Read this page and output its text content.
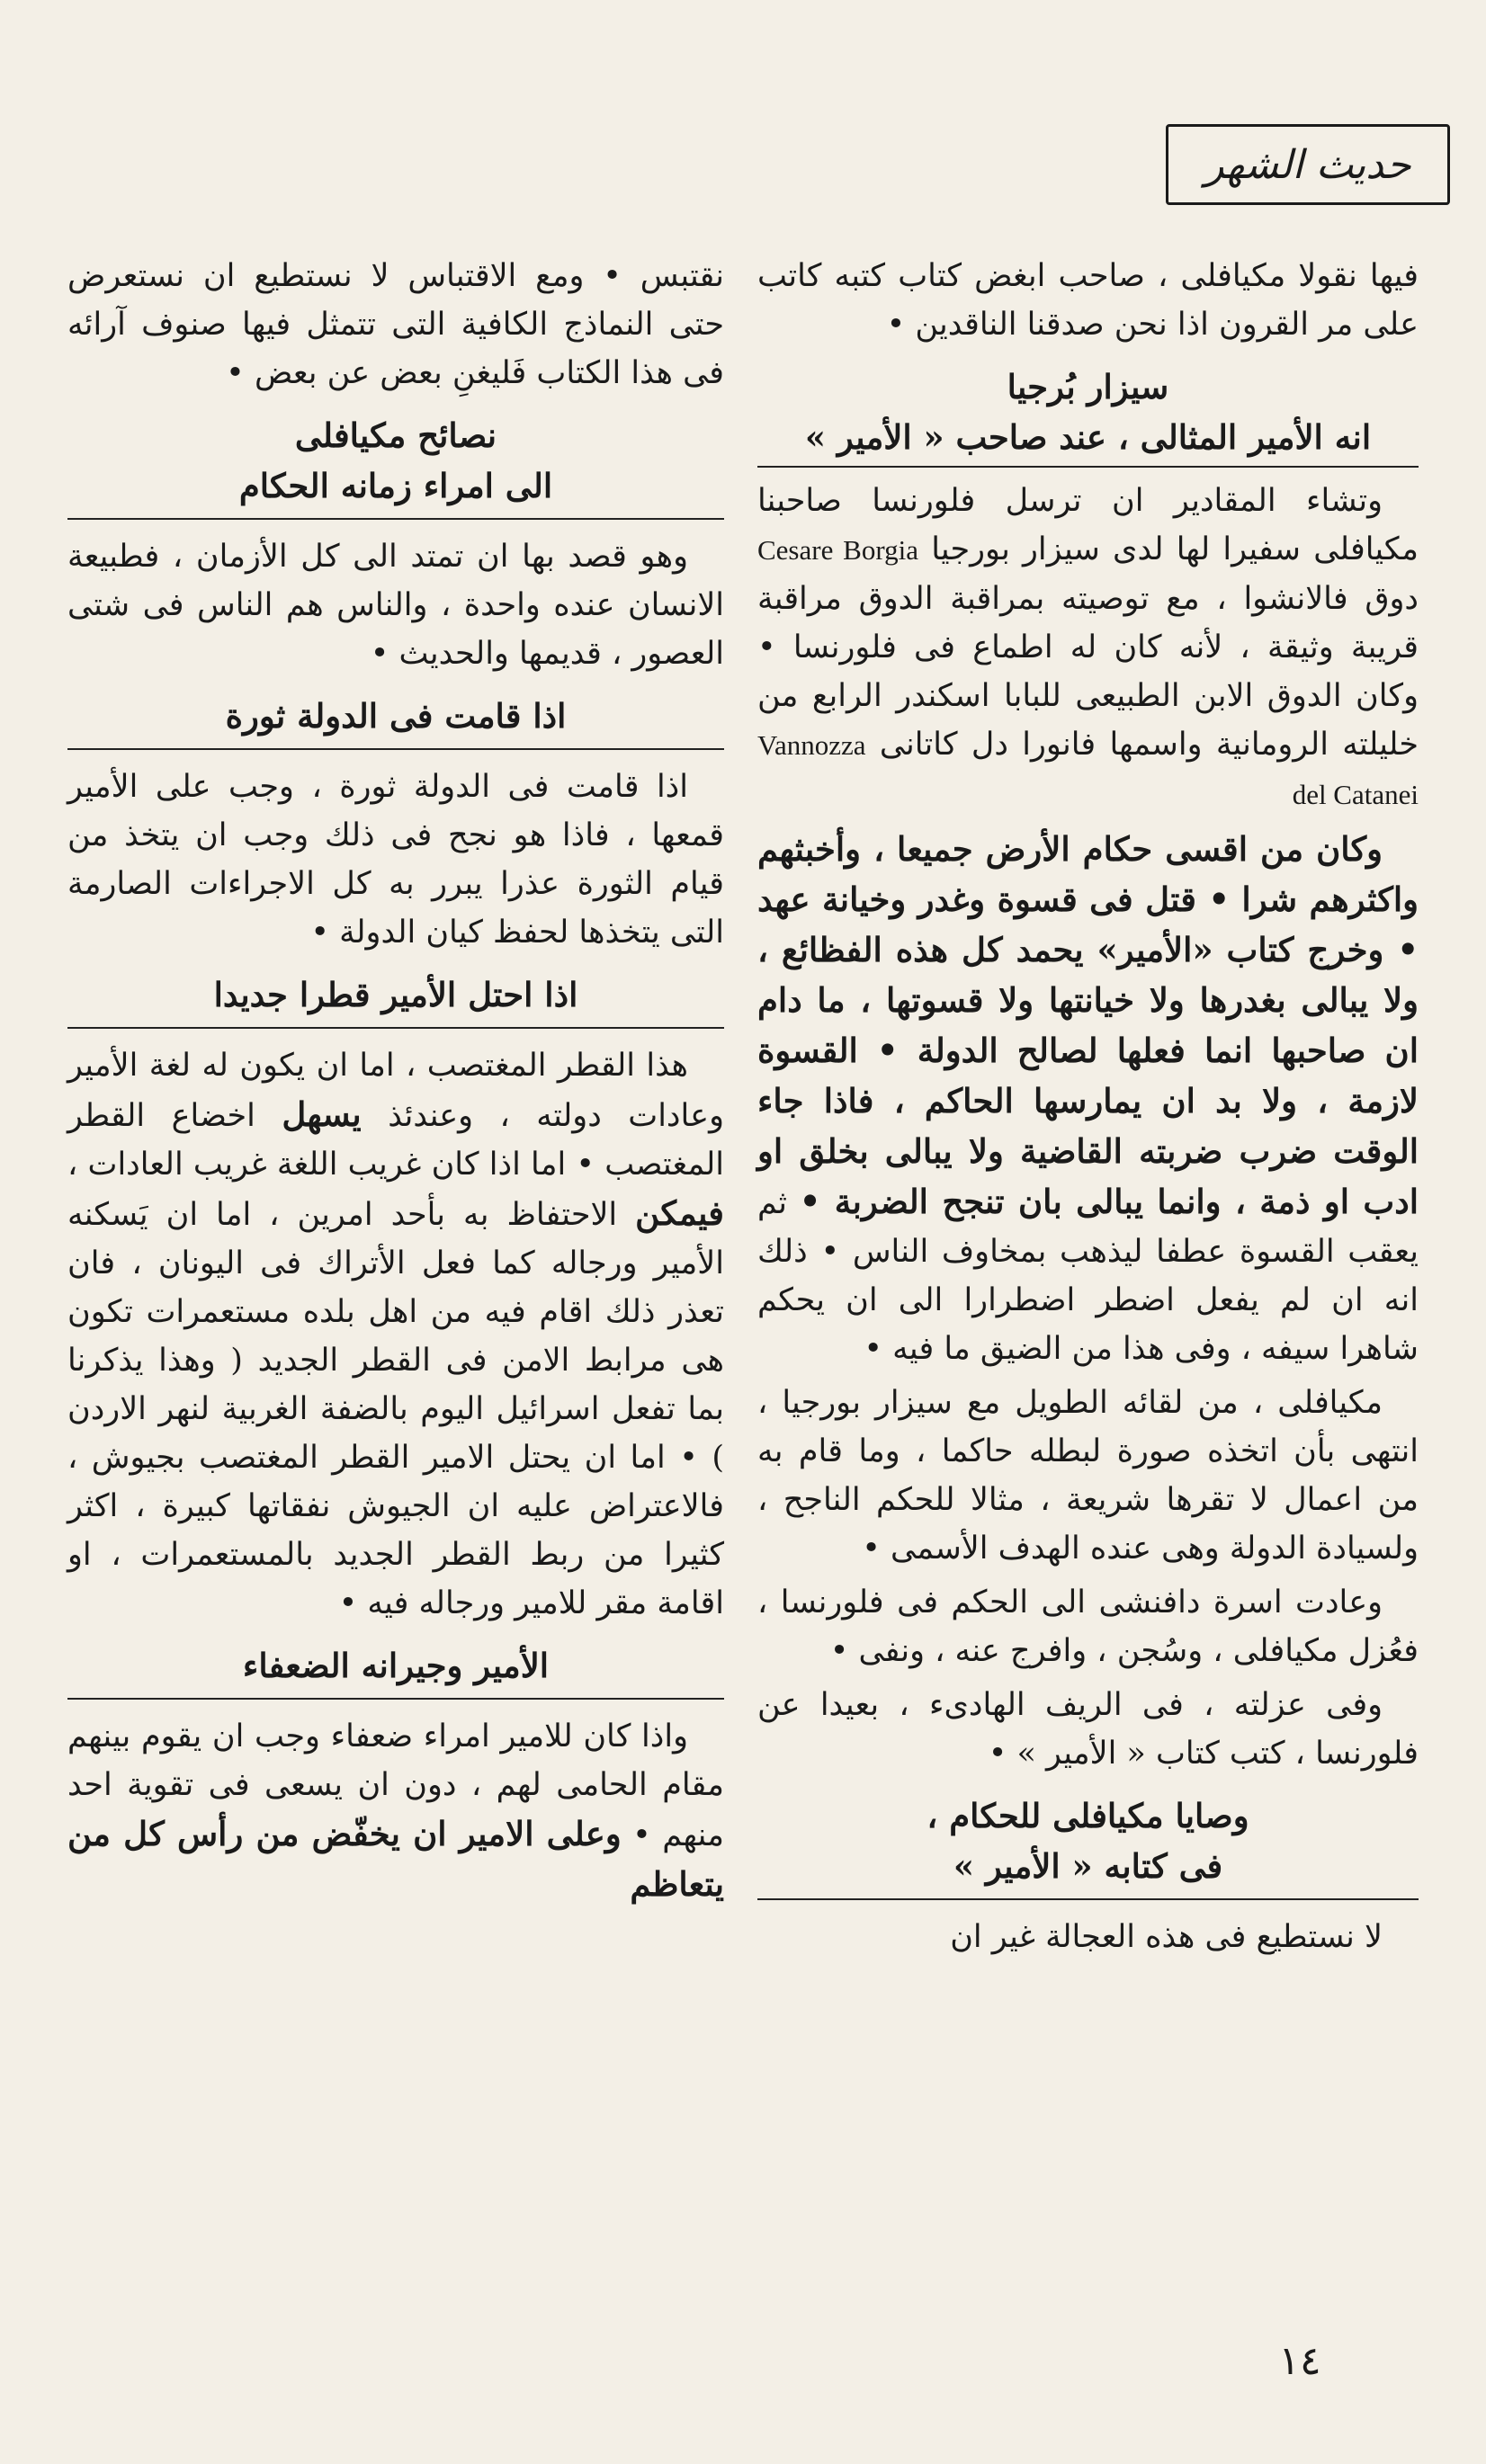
حديث الشهر

فيها نقولا مكيافلى ، صاحب ابغض كتاب كتبه كاتب على مر القرون اذا نحن صدقنا الناقدين •

سيزار بُرجيا
انه الأمير المثالى ، عند صاحب « الأمير »

وتشاء المقادير ان ترسل فلورنسا صاحبنا مكيافلى سفيرا لها لدى سيزار بورجيا Cesare Borgia دوق فالانشوا ، مع توصيته بمراقبة الدوق مراقبة قريبة وثيقة ، لأنه كان له اطماع فى فلورنسا • وكان الدوق الابن الطبيعى للبابا اسكندر الرابع من خليلته الرومانية واسمها فانورا دل كاتانى Vannozza del Catanei

وكان من اقسى حكام الأرض جميعا ، وأخبثهم واكثرهم شرا • قتل فى قسوة وغدر وخيانة عهد • وخرج كتاب «الأمير» يحمد كل هذه الفظائع ، ولا يبالى بغدرها ولا خيانتها ولا قسوتها ، ما دام ان صاحبها انما فعلها لصالح الدولة • القسوة لازمة ، ولا بد ان يمارسها الحاكم ، فاذا جاء الوقت ضرب ضربته القاضية ولا يبالى بخلق او ادب او ذمة ، وانما يبالى بان تنجح الضربة • ثم يعقب القسوة عطفا ليذهب بمخاوف الناس • ذلك انه ان لم يفعل اضطر اضطرارا الى ان يحكم شاهرا سيفه ، وفى هذا من الضيق ما فيه •

مكيافلى ، من لقائه الطويل مع سيزار بورجيا ، انتهى بأن اتخذه صورة لبطله حاكما ، وما قام به من اعمال لا تقرها شريعة ، مثالا للحكم الناجح ، ولسيادة الدولة وهى عنده الهدف الأسمى •

وعادت اسرة دافنشى الى الحكم فى فلورنسا ، فعُزل مكيافلى ، وسُجن ، وافرج عنه ، ونفى •

وفى عزلته ، فى الريف الهادىء ، بعيدا عن فلورنسا ، كتب كتاب « الأمير » •

وصايا مكيافلى للحكام ،
فى كتابه « الأمير »

لا نستطيع فى هذه العجالة غير ان

نقتبس • ومع الاقتباس لا نستطيع ان نستعرض حتى النماذج الكافية التى تتمثل فيها صنوف آرائه فى هذا الكتاب فَليغنِ بعض عن بعض •

نصائح مكيافلى
الى امراء زمانه الحكام

وهو قصد بها ان تمتد الى كل الأزمان ، فطبيعة الانسان عنده واحدة ، والناس هم الناس فى شتى العصور ، قديمها والحديث •

اذا قامت فى الدولة ثورة

اذا قامت فى الدولة ثورة ، وجب على الأمير قمعها ، فاذا هو نجح فى ذلك وجب ان يتخذ من قيام الثورة عذرا يبرر به كل الاجراءات الصارمة التى يتخذها لحفظ كيان الدولة •

اذا احتل الأمير قطرا جديدا

هذا القطر المغتصب ، اما ان يكون له لغة الأمير وعادات دولته ، وعندئذ يسهل اخضاع القطر المغتصب • اما اذا كان غريب اللغة غريب العادات ، فيمكن الاحتفاظ به بأحد امرين ، اما ان يَسكنه الأمير ورجاله كما فعل الأتراك فى اليونان ، فان تعذر ذلك اقام فيه من اهل بلده مستعمرات تكون هى مرابط الامن فى القطر الجديد ( وهذا يذكرنا بما تفعل اسرائيل اليوم بالضفة الغربية لنهر الاردن ) • اما ان يحتل الامير القطر المغتصب بجيوش ، فالاعتراض عليه ان الجيوش نفقاتها كبيرة ، اكثر كثيرا من ربط القطر الجديد بالمستعمرات ، او اقامة مقر للامير ورجاله فيه •

الأمير وجيرانه الضعفاء

واذا كان للامير امراء ضعفاء وجب ان يقوم بينهم مقام الحامى لهم ، دون ان يسعى فى تقوية احد منهم • وعلى الامير ان يخفّض من رأس كل من يتعاظم

١٤
